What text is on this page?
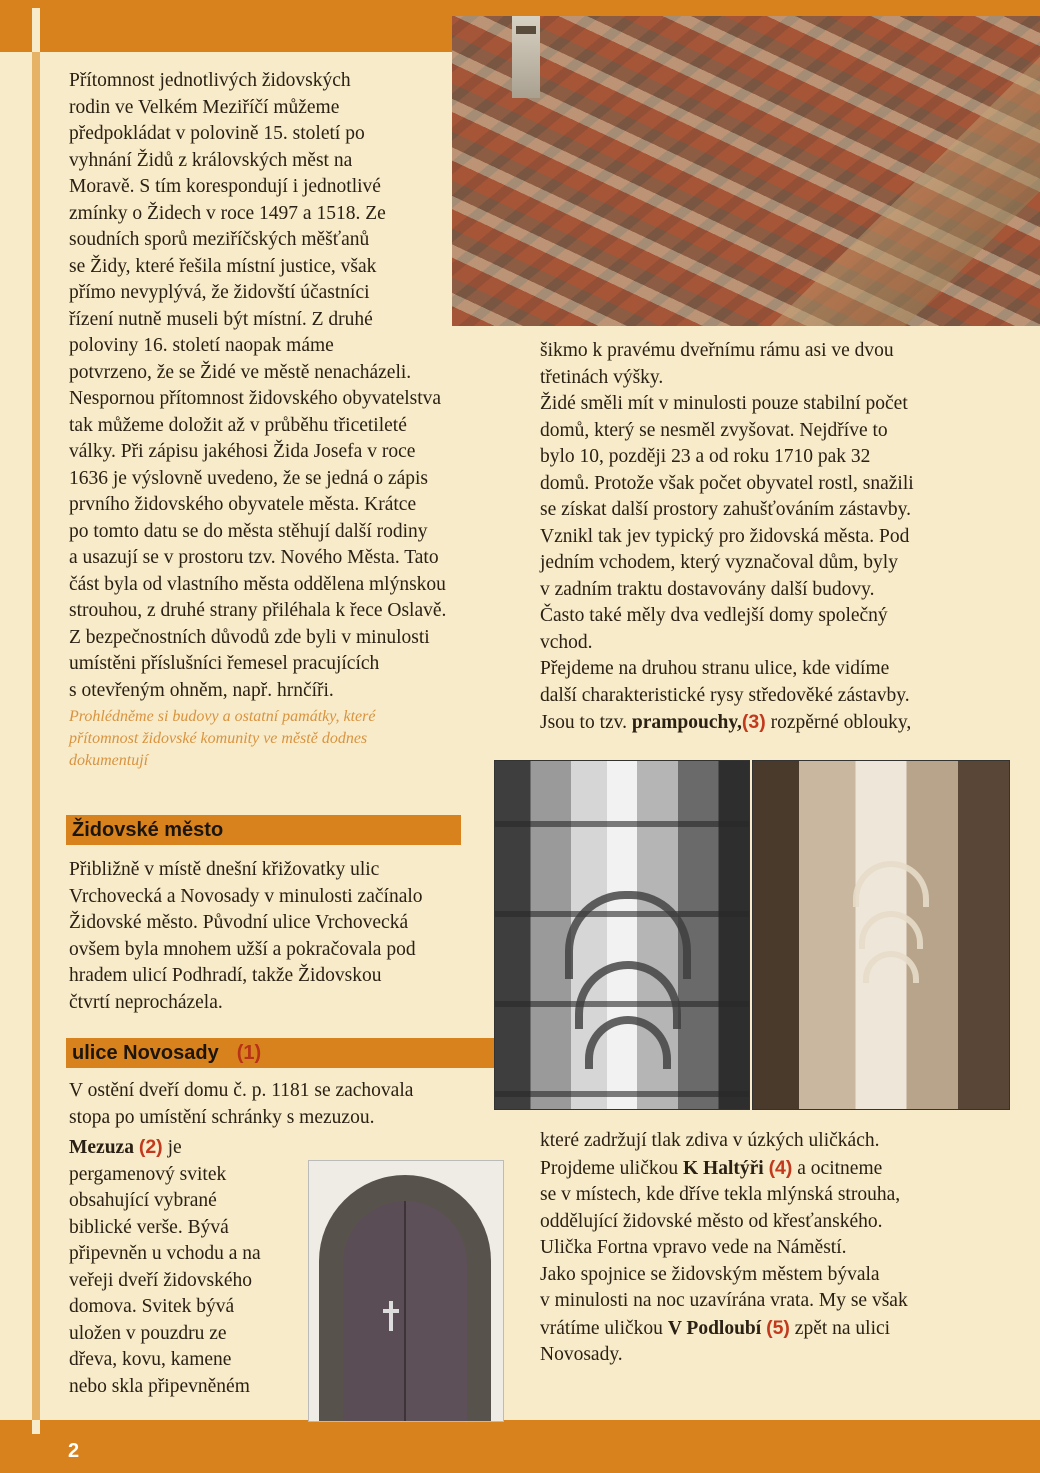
2

Přítomnost jednotlivých židovských

rodin ve Velkém Meziříčí můžeme

předpokládat v polovině 15. století po

vyhnání Židů z královských měst na

Moravě. S tím korespondují i jednotlivé

zmínky o Židech v roce 1497 a 1518. Ze

soudních sporů meziříčských měšťanů

se Židy, které řešila místní justice, však

přímo nevyplývá, že židovští účastníci

řízení nutně museli být místní. Z druhé

poloviny 16. století naopak máme

potvrzeno, že se Židé ve městě nenacházeli.

Nespornou přítomnost židovského obyvatelstva

tak můžeme doložit až v průběhu třicetileté

války. Při zápisu jakéhosi Žida Josefa v roce

1636 je výslovně uvedeno, že se jedná o zápis

prvního židovského obyvatele města. Krátce

po tomto datu se do města stěhují další rodiny

a usazují se v prostoru tzv. Nového Města. Tato

část byla od vlastního města oddělena mlýnskou

strouhou, z druhé strany přiléhala k řece Oslavě.

Z bezpečnostních důvodů zde byli v minulosti

umístěni příslušníci řemesel pracujících

s otevřeným ohněm, např. hrnčíři.

Prohlédněme si budovy a ostatní památky, které

přítomnost židovské komunity ve městě dodnes

dokumentují

Židovské město

Přibližně v místě dnešní křižovatky ulic

Vrchovecká a Novosady v minulosti začínalo

Židovské město. Původní ulice Vrchovecká

ovšem byla mnohem užší a pokračovala pod

hradem ulicí Podhradí, takže Židovskou

čtvrtí neprocházela.

ulice Novosady (1)

V ostění dveří domu č. p. 1181 se zachovala

stopa po umístění schránky s mezuzou.

Mezuza (2) je

pergamenový svitek

obsahující vybrané

biblické verše. Bývá

připevněn u vchodu a na

veřeji dveří židovského

domova. Svitek bývá

uložen v pouzdru ze

dřeva, kovu, kamene

nebo skla připevněném

šikmo k pravému dveřnímu rámu asi ve dvou

třetinách výšky.

Židé směli mít v minulosti pouze stabilní počet

domů, který se nesměl zvyšovat. Nejdříve to

bylo 10, později 23 a od roku 1710 pak 32

domů. Protože však počet obyvatel rostl, snažili

se získat další prostory zahušťováním zástavby.

Vznikl tak jev typický pro židovská města. Pod

jedním vchodem, který vyznačoval dům, byly

v zadním traktu dostavovány další budovy.

Často také měly dva vedlejší domy společný

vchod.

Přejdeme na druhou stranu ulice, kde vidíme

další charakteristické rysy středověké zástavby.

Jsou to tzv. prampouchy,(3) rozpěrné oblouky,

které zadržují tlak zdiva v úzkých uličkách.

Projdeme uličkou K Haltýři (4) a ocitneme

se v místech, kde dříve tekla mlýnská strouha,

oddělující židovské město od křesťanského.

Ulička Fortna vpravo vede na Náměstí.

Jako spojnice se židovským městem bývala

v minulosti na noc uzavírána vrata. My se však

vrátíme uličkou V Podloubí (5) zpět na ulici

Novosady.
